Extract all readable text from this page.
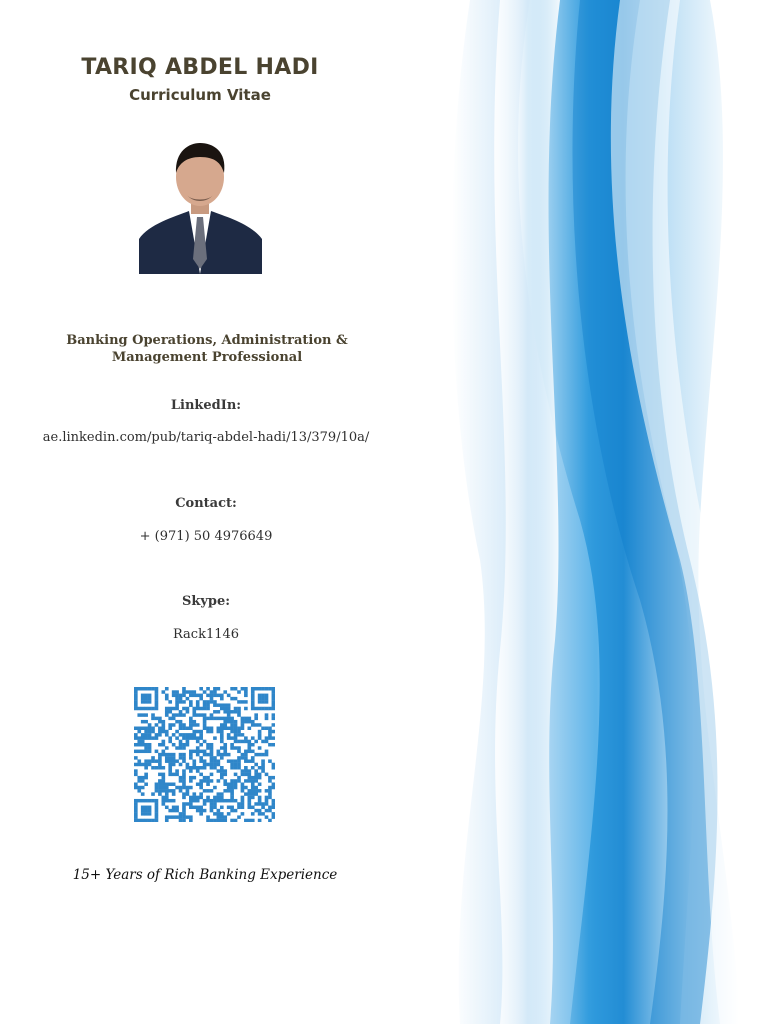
TARIQ ABDEL HADI
Curriculum Vitae
Banking Operations, Administration & Management Professional
LinkedIn:
ae.linkedin.com/pub/tariq-abdel-hadi/13/379/10a/
Contact:
+ (971) 50 4976649
Skype:
Rack1146
15+ Years of Rich Banking Experience
